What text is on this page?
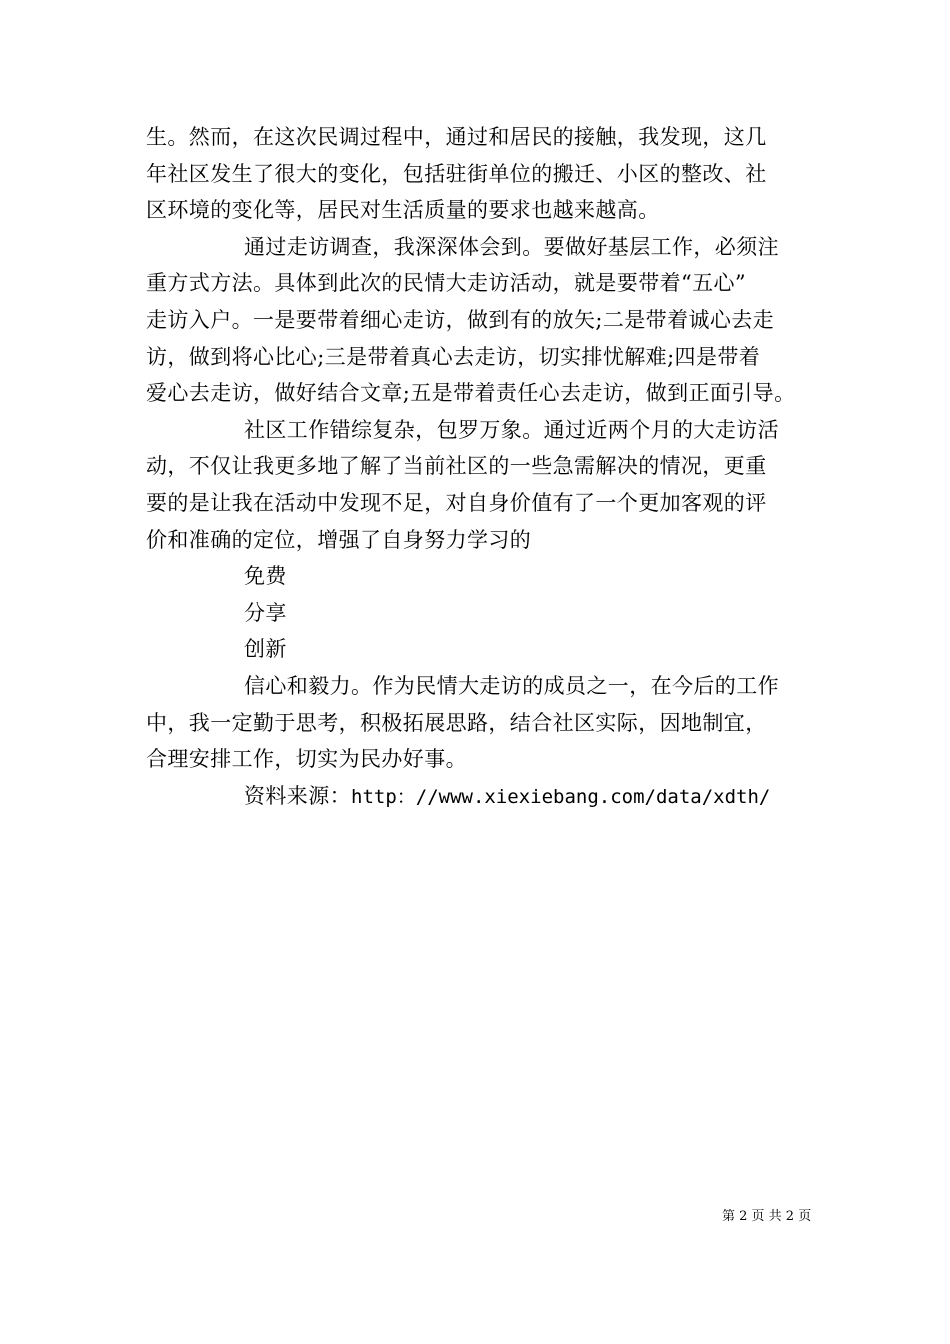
生。然而，在这次民调过程中，通过和居民的接触，我发现，这几
年社区发生了很大的变化，包括驻街单位的搬迁、小区的整改、社
区环境的变化等，居民对生活质量的要求也越来越高。
通过走访调查，我深深体会到。要做好基层工作，必须注
重方式方法。具体到此次的民情大走访活动，就是要带着“五心”
走访入户。一是要带着细心走访，做到有的放矢;二是带着诚心去走
访，做到将心比心;三是带着真心去走访，切实排忧解难;四是带着
爱心去走访，做好结合文章;五是带着责任心去走访，做到正面引导。
社区工作错综复杂，包罗万象。通过近两个月的大走访活
动，不仅让我更多地了解了当前社区的一些急需解决的情况，更重
要的是让我在活动中发现不足，对自身价值有了一个更加客观的评
价和准确的定位，增强了自身努力学习的
免费
分享
创新
信心和毅力。作为民情大走访的成员之一，在今后的工作
中，我一定勤于思考，积极拓展思路，结合社区实际，因地制宜，
合理安排工作，切实为民办好事。
资料来源：http：//www.xiexiebang.com/data/xdth/
第 2 页 共 2 页
